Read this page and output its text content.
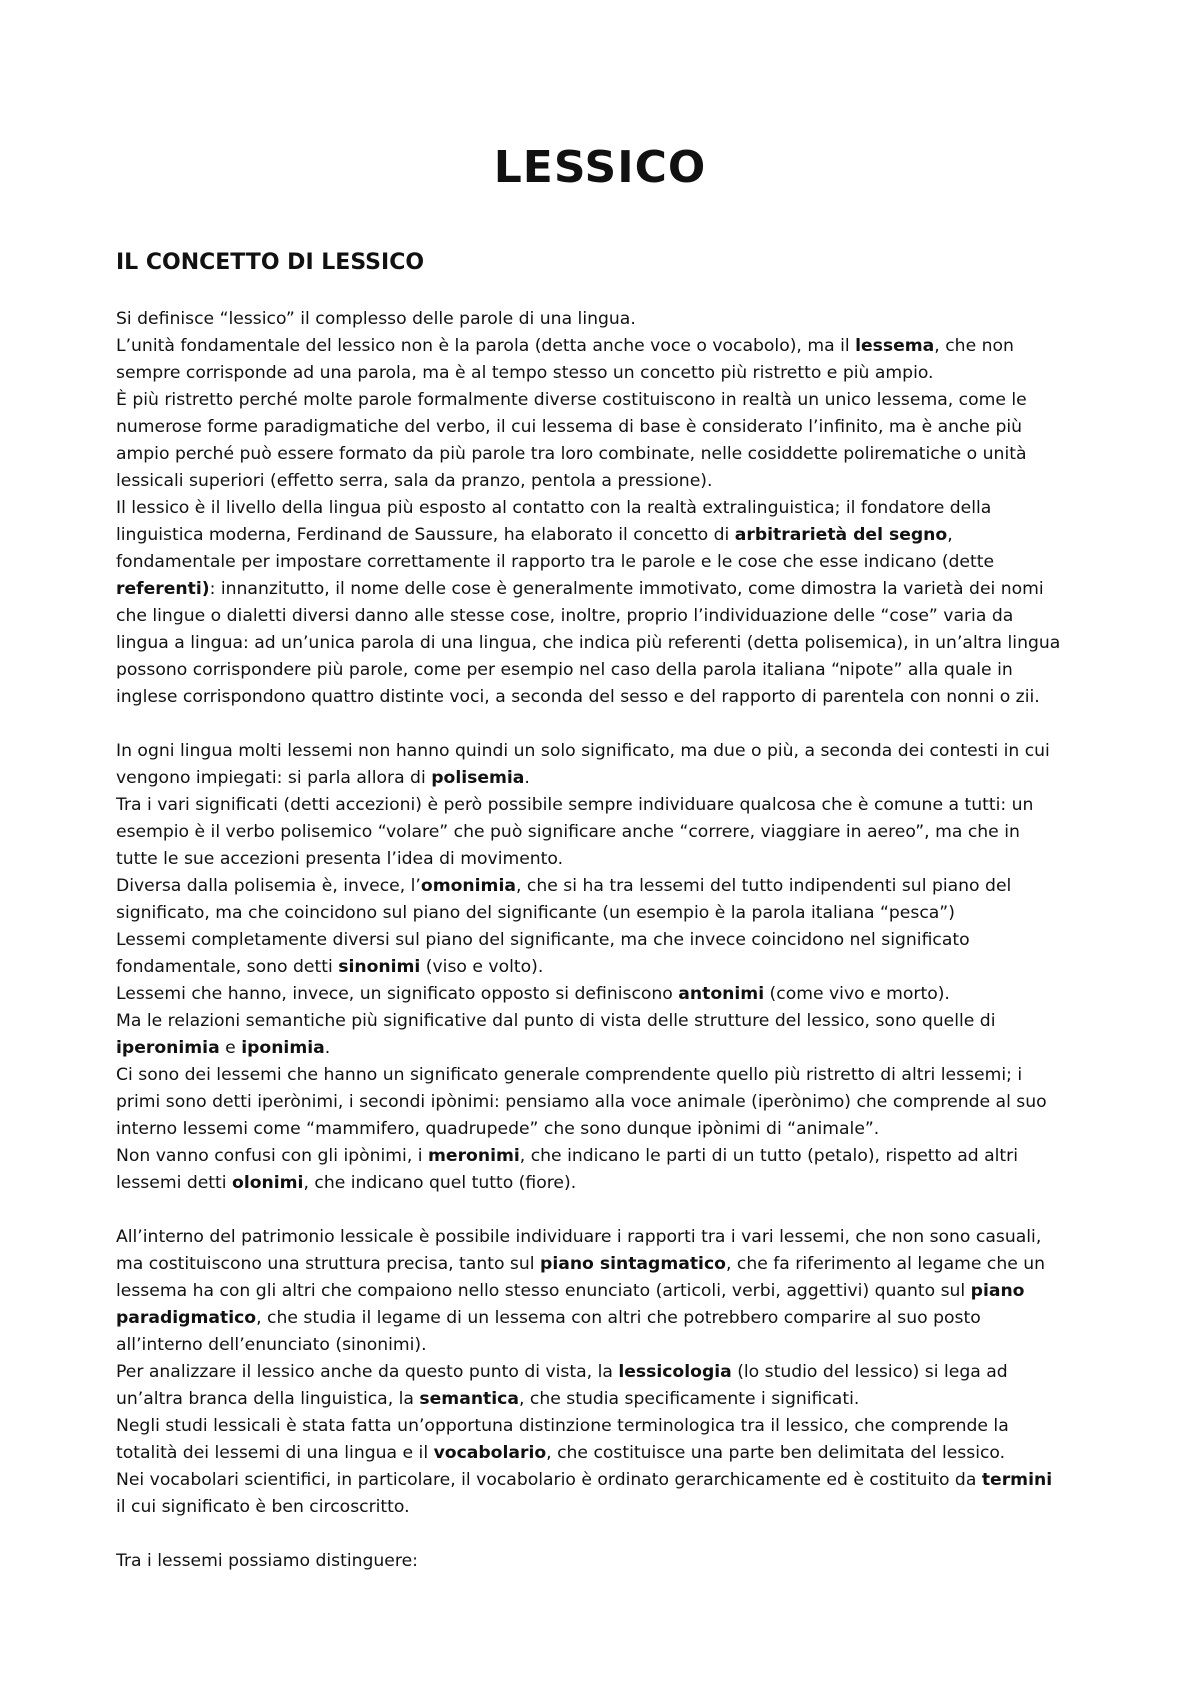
LESSICO
IL CONCETTO DI LESSICO
Si definisce “lessico” il complesso delle parole di una lingua.
L’unità fondamentale del lessico non è la parola (detta anche voce o vocabolo), ma il lessema, che non
sempre corrisponde ad una parola, ma è al tempo stesso un concetto più ristretto e più ampio.
È più ristretto perché molte parole formalmente diverse costituiscono in realtà un unico lessema, come le
numerose forme paradigmatiche del verbo, il cui lessema di base è considerato l’infinito, ma è anche più
ampio perché può essere formato da più parole tra loro combinate, nelle cosiddette polirematiche o unità
lessicali superiori (effetto serra, sala da pranzo, pentola a pressione).
Il lessico è il livello della lingua più esposto al contatto con la realtà extralinguistica; il fondatore della
linguistica moderna, Ferdinand de Saussure, ha elaborato il concetto di arbitrarietà del segno,
fondamentale per impostare correttamente il rapporto tra le parole e le cose che esse indicano (dette
referenti): innanzitutto, il nome delle cose è generalmente immotivato, come dimostra la varietà dei nomi
che lingue o dialetti diversi danno alle stesse cose, inoltre, proprio l’individuazione delle “cose” varia da
lingua a lingua: ad un’unica parola di una lingua, che indica più referenti (detta polisemica), in un’altra lingua
possono corrispondere più parole, come per esempio nel caso della parola italiana “nipote” alla quale in
inglese corrispondono quattro distinte voci, a seconda del sesso e del rapporto di parentela con nonni o zii.
In ogni lingua molti lessemi non hanno quindi un solo significato, ma due o più, a seconda dei contesti in cui
vengono impiegati: si parla allora di polisemia.
Tra i vari significati (detti accezioni) è però possibile sempre individuare qualcosa che è comune a tutti: un
esempio è il verbo polisemico “volare” che può significare anche “correre, viaggiare in aereo”, ma che in
tutte le sue accezioni presenta l’idea di movimento.
Diversa dalla polisemia è, invece, l’omonimia, che si ha tra lessemi del tutto indipendenti sul piano del
significato, ma che coincidono sul piano del significante (un esempio è la parola italiana “pesca”)
Lessemi completamente diversi sul piano del significante, ma che invece coincidono nel significato
fondamentale, sono detti sinonimi (viso e volto).
Lessemi che hanno, invece, un significato opposto si definiscono antonimi (come vivo e morto).
Ma le relazioni semantiche più significative dal punto di vista delle strutture del lessico, sono quelle di
iperonimia e iponimia.
Ci sono dei lessemi che hanno un significato generale comprendente quello più ristretto di altri lessemi; i
primi sono detti iperònimi, i secondi ipònimi: pensiamo alla voce animale (iperònimo) che comprende al suo
interno lessemi come “mammifero, quadrupede” che sono dunque ipònimi di “animale”.
Non vanno confusi con gli ipònimi, i meronimi, che indicano le parti di un tutto (petalo), rispetto ad altri
lessemi detti olonimi, che indicano quel tutto (fiore).
All’interno del patrimonio lessicale è possibile individuare i rapporti tra i vari lessemi, che non sono casuali,
ma costituiscono una struttura precisa, tanto sul piano sintagmatico, che fa riferimento al legame che un
lessema ha con gli altri che compaiono nello stesso enunciato (articoli, verbi, aggettivi) quanto sul piano
paradigmatico, che studia il legame di un lessema con altri che potrebbero comparire al suo posto
all’interno dell’enunciato (sinonimi).
Per analizzare il lessico anche da questo punto di vista, la lessicologia (lo studio del lessico) si lega ad
un’altra branca della linguistica, la semantica, che studia specificamente i significati.
Negli studi lessicali è stata fatta un’opportuna distinzione terminologica tra il lessico, che comprende la
totalità dei lessemi di una lingua e il vocabolario, che costituisce una parte ben delimitata del lessico.
Nei vocabolari scientifici, in particolare, il vocabolario è ordinato gerarchicamente ed è costituito da termini
il cui significato è ben circoscritto.
Tra i lessemi possiamo distinguere:
